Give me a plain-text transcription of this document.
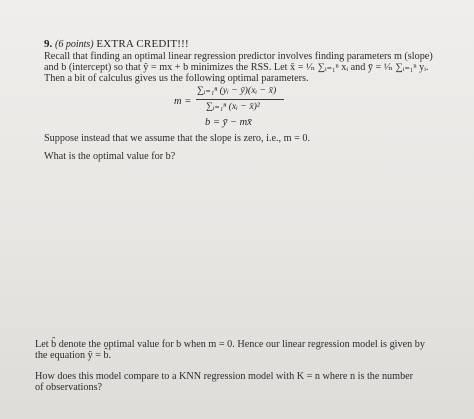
9. (6 points) EXTRA CREDIT!!!
Recall that finding an optimal linear regression predictor involves finding parameters m (slope)
and b (intercept) so that ŷ = mx + b minimizes the RSS. Let x̄ = ¹⁄ₙ ∑ᵢ₌₁ⁿ xᵢ and ȳ = ¹⁄ₙ ∑ᵢ₌₁ⁿ yᵢ.
Then a bit of calculus gives us the following optimal parameters.
m =
∑ᵢ₌₁ⁿ (yᵢ − ȳ)(xᵢ − x̄)
∑ᵢ₌₁ⁿ (xᵢ − x̄)²
b = ȳ − mx̄
Suppose instead that we assume that the slope is zero, i.e., m = 0.
What is the optimal value for b?
Let b̂ denote the optimal value for b when m = 0. Hence our linear regression model is given by
the equation ŷ = b̂.
How does this model compare to a KNN regression model with K = n where n is the number
of observations?
